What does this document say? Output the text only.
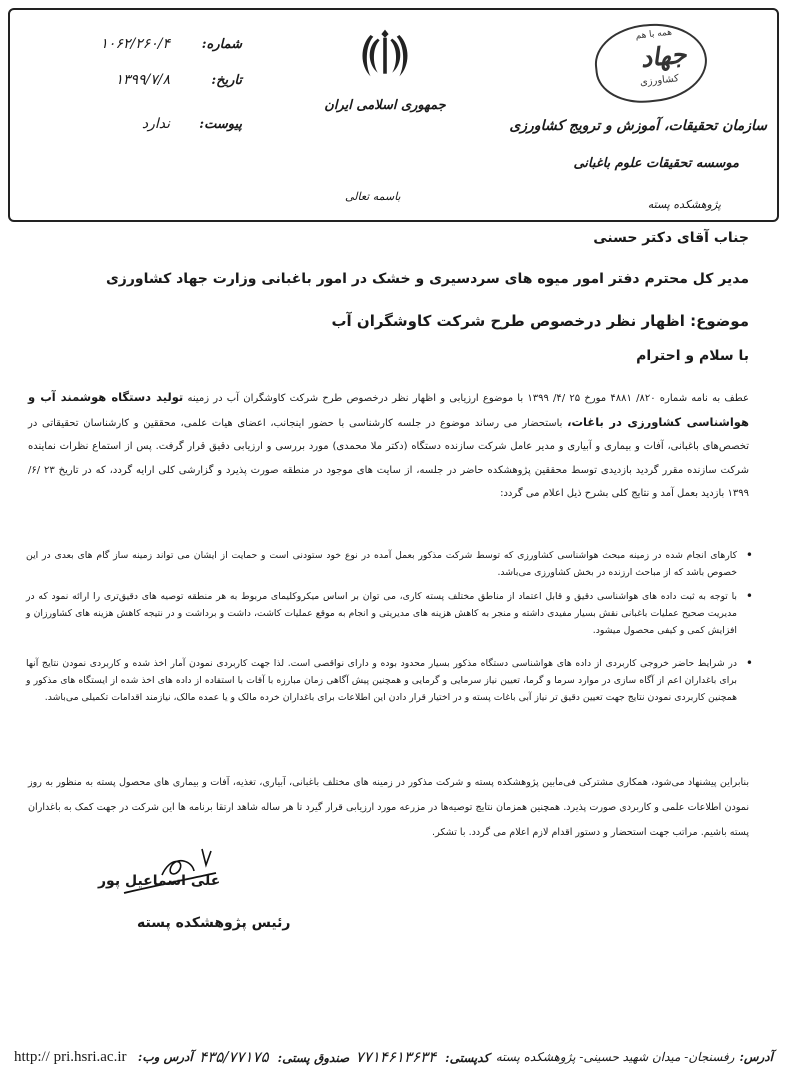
همه با هم
جهاد
کشاورزی
سازمان تحقیقات، آموزش و ترویج کشاورزی
موسسه تحقیقات علوم باغبانی
پژوهشکده پسته
جمهوری اسلامی ایران
باسمه تعالی
شماره:
۱۰۶۲/۲۶۰/۴
تاریخ:
۱۳۹۹/۷/۸
پیوست:
ندارد
جناب آقای دکتر حسنی
مدیر کل محترم دفتر امور میوه های سردسیری و خشک در امور باغبانی وزارت جهاد کشاورزی
موضوع: اظهار نظر درخصوص طرح شرکت کاوشگران آب
با سلام و احترام

عطف به نامه شماره ۸۲۰/ ۴۸۸۱ مورخ ۲۵ /۴/ ۱۳۹۹ با موضوع ارزیابی و اظهار نظر درخصوص طرح شرکت کاوشگران آب در زمینه تولید دستگاه هوشمند آب و هواشناسی کشاورزی در باغات، باستحضار می رساند موضوع در جلسه کارشناسی با حضور اینجانب، اعضای هیات علمی، محققین و کارشناسان تحقیقاتی در تخصص‌های باغبانی، آفات و بیماری و آبیاری و مدیر عامل شرکت سازنده دستگاه (دکتر ملا محمدی) مورد بررسی و ارزیابی دقیق قرار گرفت. پس از استماع نظرات نماینده شرکت سازنده مقرر گردید بازدیدی توسط محققین پژوهشکده حاضر در جلسه، از سایت های موجود در منطقه صورت پذیرد و گزارشی کلی ارایه گردد، که در تاریخ ۲۳ /۶/ ۱۳۹۹ بازدید بعمل آمد و نتایج کلی بشرح ذیل اعلام می گردد:

• کارهای انجام شده در زمینه مبحث هواشناسی کشاورزی که توسط شرکت مذکور بعمل آمده در نوع خود ستودنی است و حمایت از ایشان می تواند زمینه ساز گام های بعدی در این خصوص باشد که از مباحث ارزنده در بخش کشاورزی می‌باشد.
• با توجه به ثبت داده های هواشناسی دقیق و قابل اعتماد از مناطق مختلف پسته کاری، می توان بر اساس میکروکلیمای مربوط به هر منطقه توصیه های دقیق‌تری را ارائه نمود که در مدیریت صحیح عملیات باغبانی نقش بسیار مفیدی داشته و منجر به کاهش هزینه های مدیریتی و انجام به موقع عملیات کاشت، داشت و برداشت و در نتیجه کاهش هزینه های کشاورزان و افزایش کمی و کیفی محصول میشود.
• در شرایط حاضر خروجی کاربردی از داده های هواشناسی دستگاه مذکور بسیار محدود بوده و دارای نواقصی است. لذا جهت کاربردی نمودن آمار اخذ شده و کاربردی نمودن نتایج آنها برای باغداران اعم از آگاه سازی در موارد سرما و گرما، تعیین نیاز سرمایی و گرمایی و همچنین پیش آگاهی زمان مبارزه با آفات با استفاده از داده های اخذ شده از ایستگاه های مذکور و همچنین کاربردی نمودن نتایج جهت تعیین دقیق تر نیاز آبی باغات پسته و در اختیار قرار دادن این اطلاعات برای باغداران خرده مالک و یا عمده مالک، نیازمند اقدامات تکمیلی می‌باشد.

بنابراین پیشنهاد می‌شود، همکاری مشترکی فی‌مابین پژوهشکده پسته و شرکت مذکور در زمینه های مختلف باغبانی، آبیاری، تغذیه، آفات و بیماری های محصول پسته به منظور به روز نمودن اطلاعات علمی و کاربردی صورت پذیرد. همچنین همزمان نتایج توصیه‌ها در مزرعه مورد ارزیابی قرار گیرد تا هر ساله شاهد ارتقا برنامه ها این شرکت در جهت کمک به باغداران پسته باشیم. مراتب جهت استحضار و دستور اقدام لازم اعلام می گردد. با تشکر.

علی اسماعیل پور
رئیس پژوهشکده پسته
آدرس:رفسنجان- میدان شهید حسینی- پژوهشکده پسته
کدپستی:۷۷۱۴۶۱۳۶۳۴
صندوق پستی:۴۳۵/۷۷۱۷۵
آدرس وب:
http:// pri.hsri.ac.ir
